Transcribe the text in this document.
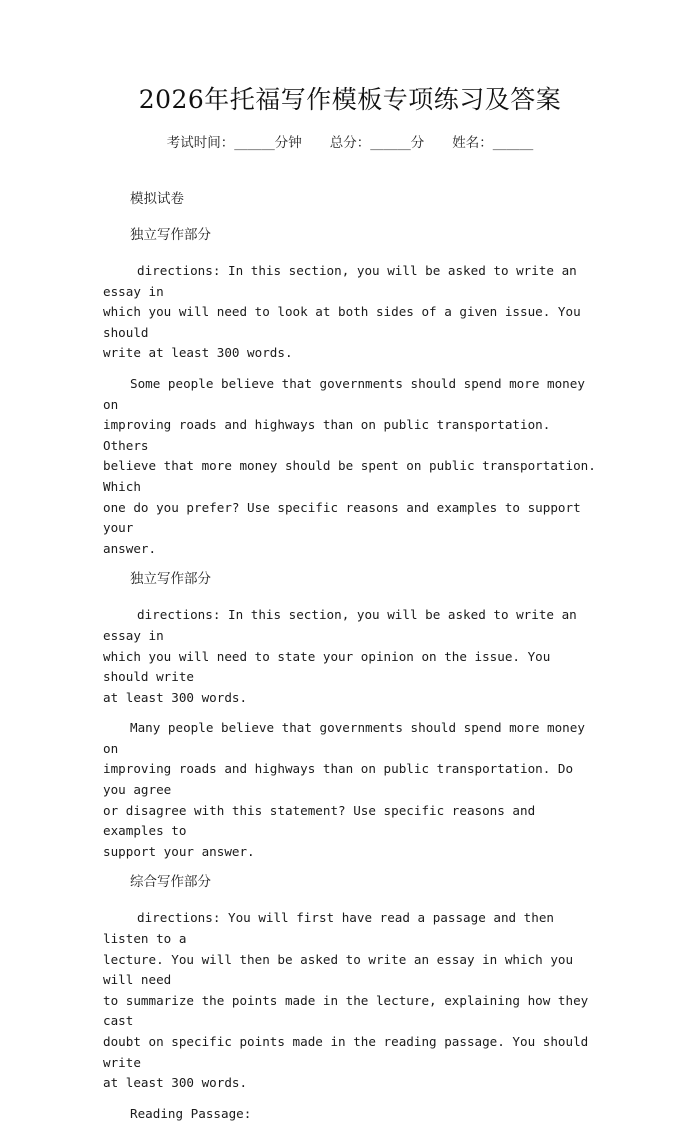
2026年托福写作模板专项练习及答案
考试时间：______分钟 总分：______分 姓名：______
模拟试卷
独立写作部分

directions: In this section, you will be asked to write an essay in
which you will need to look at both sides of a given issue. You should
write at least 300 words.

Some people believe that governments should spend more money on
improving roads and highways than on public transportation. Others
believe that more money should be spent on public transportation. Which
one do you prefer? Use specific reasons and examples to support your
answer.

独立写作部分

directions: In this section, you will be asked to write an essay in
which you will need to state your opinion on the issue. You should write
at least 300 words.

Many people believe that governments should spend more money on
improving roads and highways than on public transportation. Do you agree
or disagree with this statement? Use specific reasons and examples to
support your answer.

综合写作部分

directions: You will first have read a passage and then listen to a
lecture. You will then be asked to write an essay in which you will need
to summarize the points made in the lecture, explaining how they cast
doubt on specific points made in the reading passage. You should write
at least 300 words.

Reading Passage:
